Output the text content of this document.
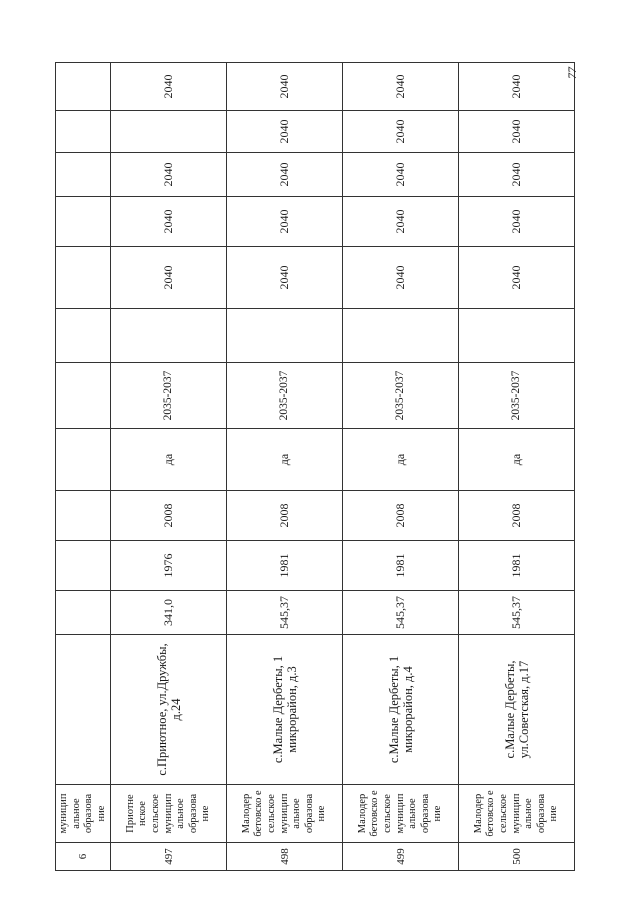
6	муницип альное образова ние												
497	Приотне нское сельское муницип альное образова ние	с.Приютное, ул.Дружбы, д.24	341,0	1976	2008	да	2035-2037		2040	2040	2040		2040
498	Малодер бетовско е сельское муницип альное образова ние	с.Малые Дербеты, 1 микрорайон, д.3	545,37	1981	2008	да	2035-2037		2040	2040	2040	2040	2040
499	Малодер бетовско е сельское муницип альное образова ние	с.Малые Дербеты, 1 микрорайон, д.4	545,37	1981	2008	да	2035-2037		2040	2040	2040	2040	2040
500	Малодер бетовско е сельское муницип альное образова ние	с.Малые Дербеты, ул.Советская, д.17	545,37	1981	2008	да	2035-2037		2040	2040	2040	2040	2040
77
